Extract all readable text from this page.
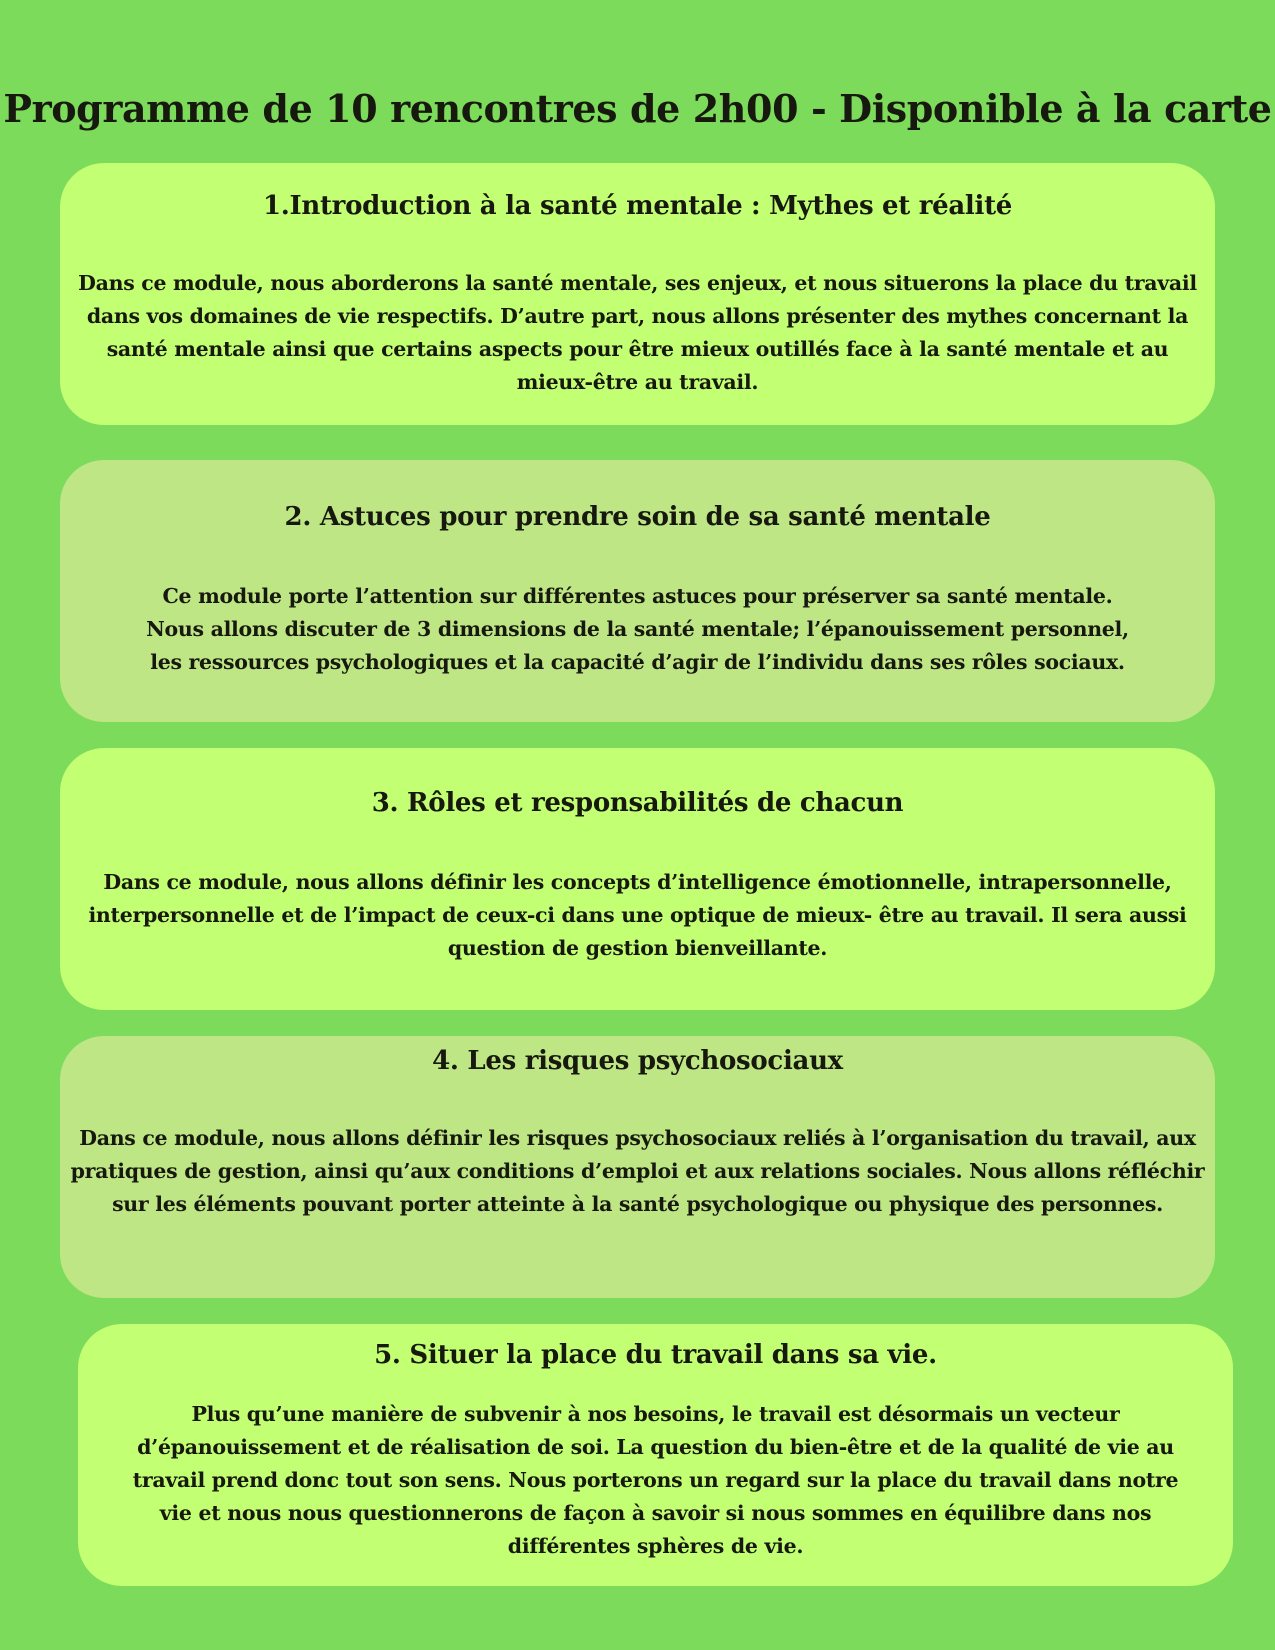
Programme de 10 rencontres de 2h00 - Disponible à la carte
1.Introduction à la santé mentale : Mythes et réalité

Dans ce module, nous aborderons la santé mentale, ses enjeux, et nous situerons la place du travail dans vos domaines de vie respectifs. D’autre part, nous allons présenter des mythes concernant la santé mentale ainsi que certains aspects pour être mieux outillés face à la santé mentale et au mieux-être au travail.

2. Astuces pour prendre soin de sa santé mentale

Ce module porte l’attention sur différentes astuces pour préserver sa santé mentale. Nous allons discuter de 3 dimensions de la santé mentale; l’épanouissement personnel, les ressources psychologiques et la capacité d’agir de l’individu dans ses rôles sociaux.

3. Rôles et responsabilités de chacun

Dans ce module, nous allons définir les concepts d’intelligence émotionnelle, intrapersonnelle, interpersonnelle et de l’impact de ceux-ci dans une optique de mieux- être au travail. Il sera aussi question de gestion bienveillante.

4. Les risques psychosociaux

Dans ce module, nous allons définir les risques psychosociaux reliés à l’organisation du travail, aux pratiques de gestion, ainsi qu’aux conditions d’emploi et aux relations sociales. Nous allons réfléchir sur les éléments pouvant porter atteinte à la santé psychologique ou physique des personnes.

5. Situer la place du travail dans sa vie.

Plus qu’une manière de subvenir à nos besoins, le travail est désormais un vecteur d’épanouissement et de réalisation de soi. La question du bien-être et de la qualité de vie au travail prend donc tout son sens. Nous porterons un regard sur la place du travail dans notre vie et nous nous questionnerons de façon à savoir si nous sommes en équilibre dans nos différentes sphères de vie.
